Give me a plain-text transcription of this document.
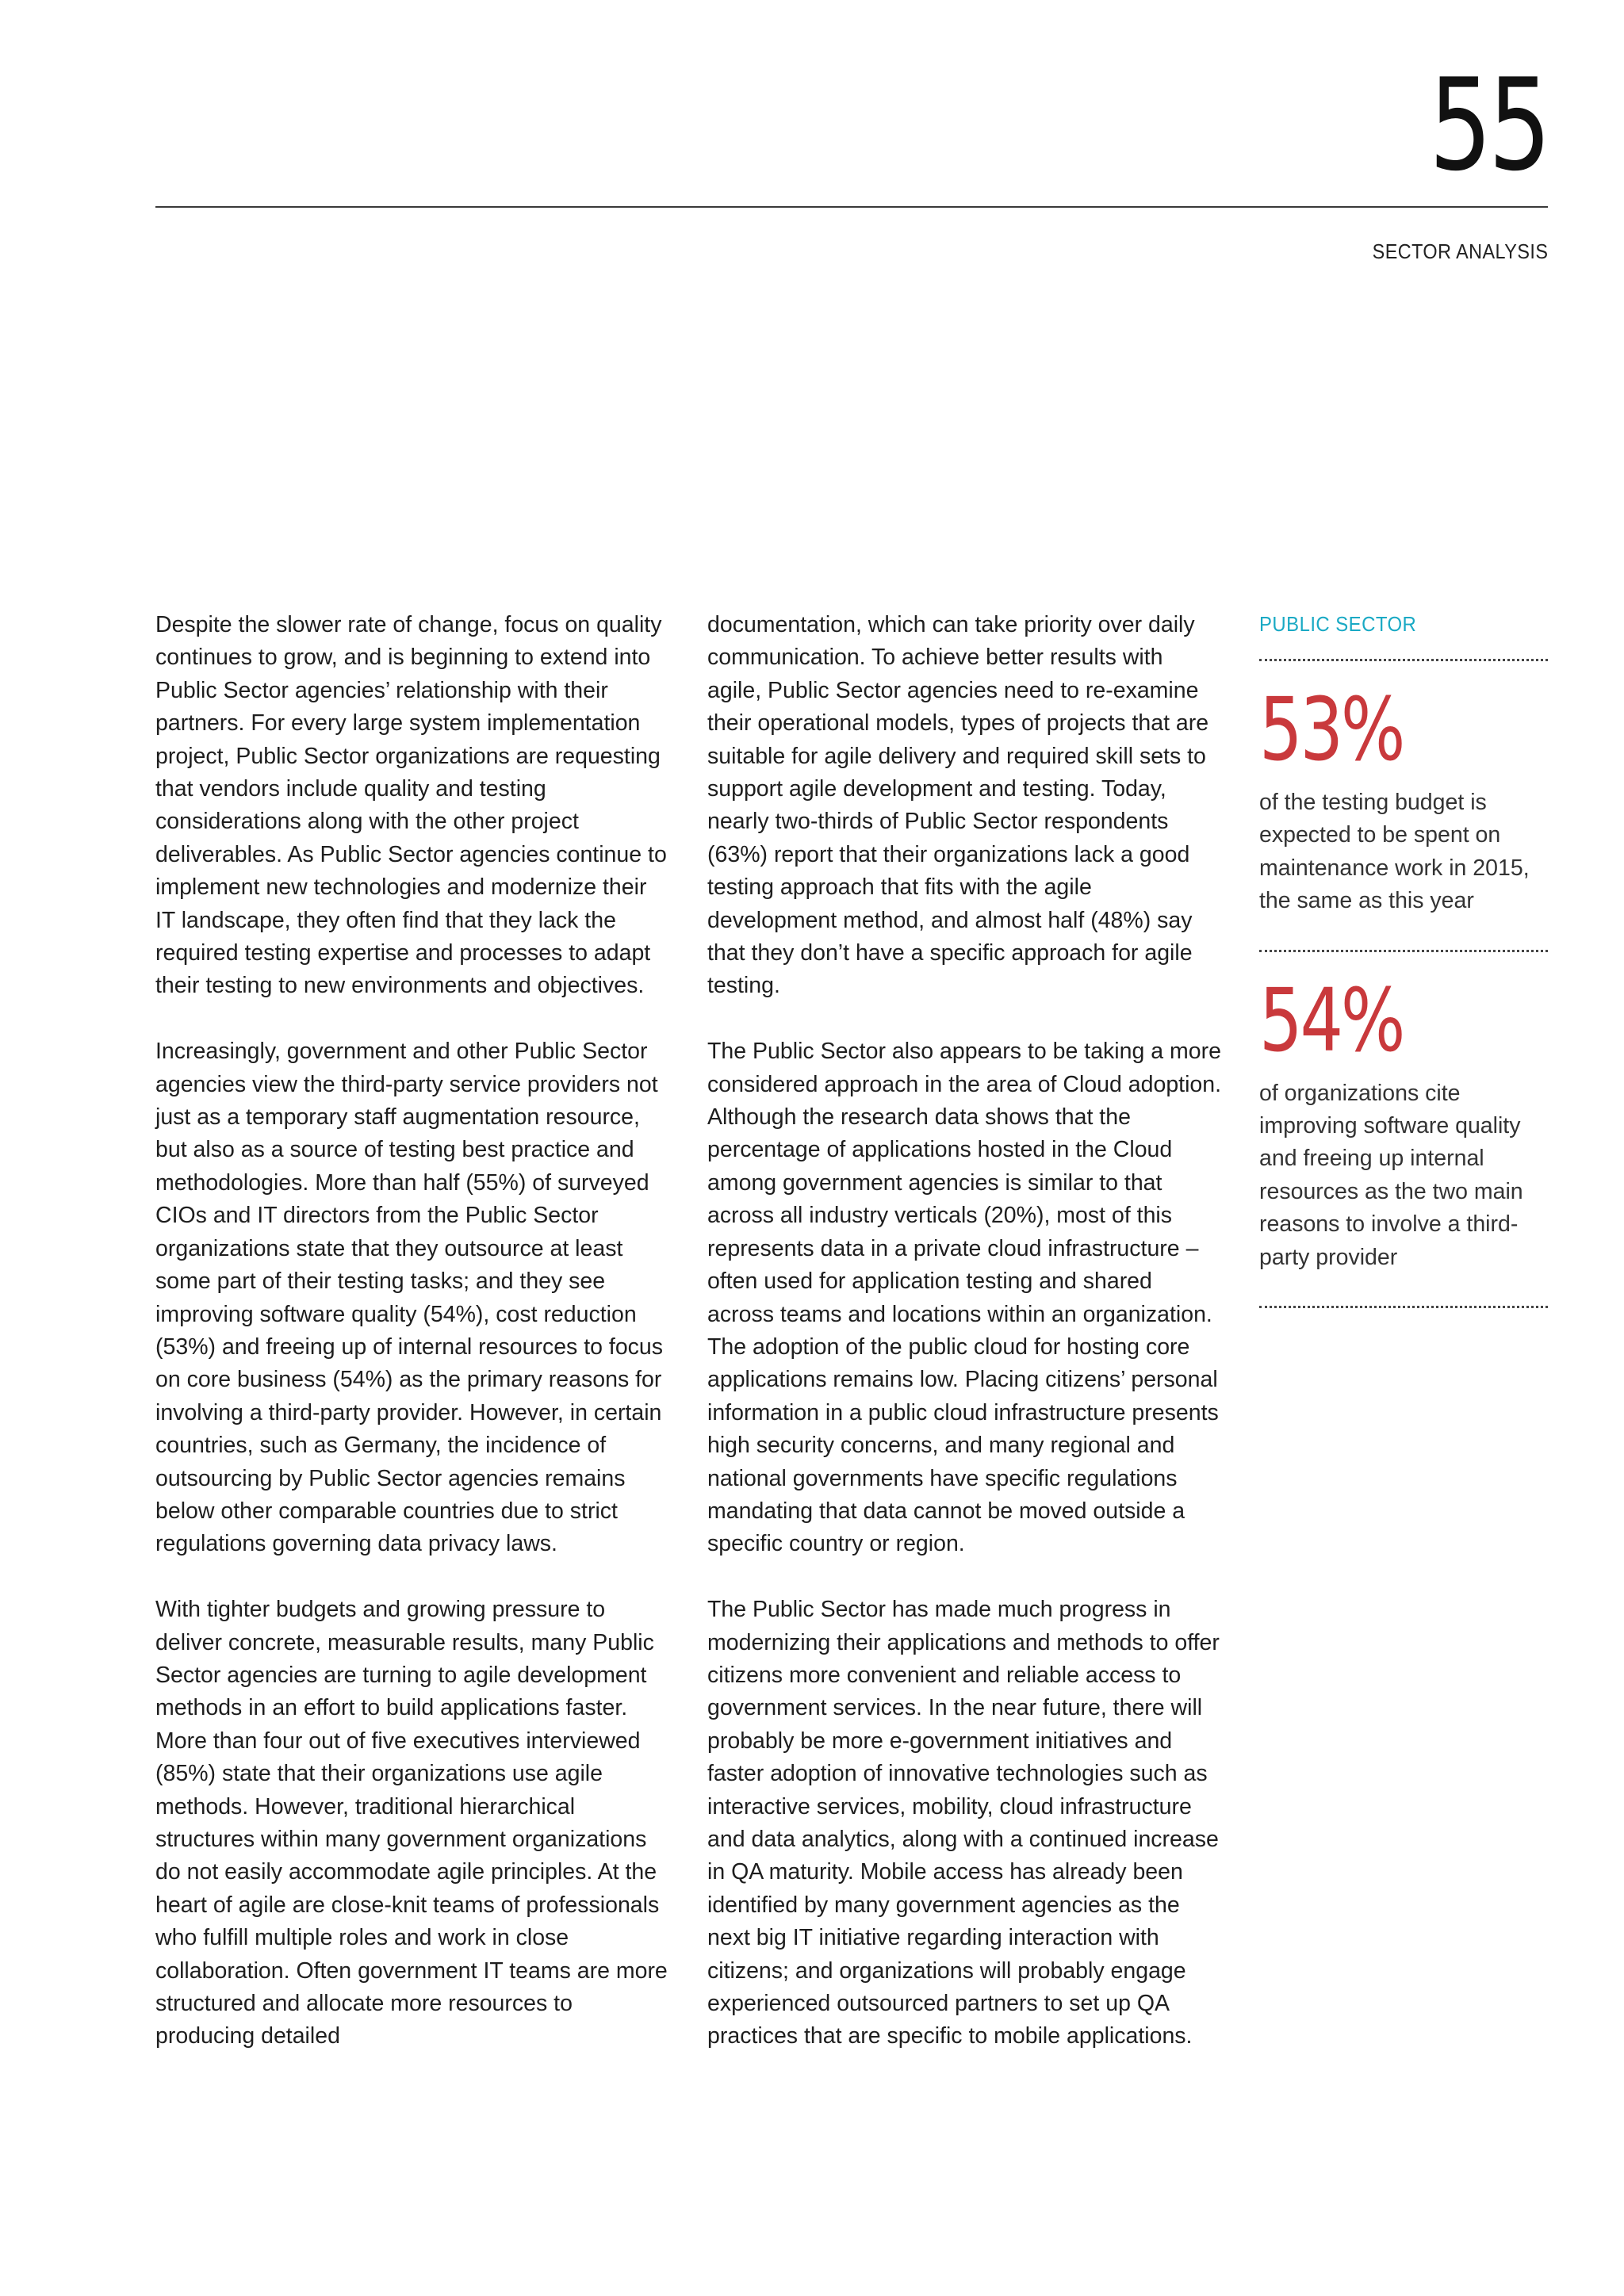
55
SECTOR ANALYSIS

Despite the slower rate of change, focus on quality continues to grow, and is beginning to extend into Public Sector agencies’ relationship with their partners. For every large system implementation project, Public Sector organizations are requesting that vendors include quality and testing considerations along with the other project deliverables. As Public Sector agencies continue to implement new technologies and modernize their IT landscape, they often find that they lack the required testing expertise and processes to adapt their testing to new environments and objectives.

Increasingly, government and other Public Sector agencies view the third-party service providers not just as a temporary staff augmentation resource, but also as a source of testing best practice and methodologies. More than half (55%) of surveyed CIOs and IT directors from the Public Sector organizations state that they outsource at least some part of their testing tasks; and they see improving software quality (54%), cost reduction (53%) and freeing up of internal resources to focus on core business (54%) as the primary reasons for involving a third-party provider. However, in certain countries, such as Germany, the incidence of outsourcing by Public Sector agencies remains below other comparable countries due to strict regulations governing data privacy laws.

With tighter budgets and growing pressure to deliver concrete, measurable results, many Public Sector agencies are turning to agile development methods in an effort to build applications faster. More than four out of five executives interviewed (85%) state that their organizations use agile methods. However, traditional hierarchical structures within many government organizations do not easily accommodate agile principles. At the heart of agile are close-knit teams of professionals who fulfill multiple roles and work in close collaboration. Often government IT teams are more structured and allocate more resources to producing detailed

documentation, which can take priority over daily communication. To achieve better results with agile, Public Sector agencies need to re-examine their operational models, types of projects that are suitable for agile delivery and required skill sets to support agile development and testing. Today, nearly two-thirds of Public Sector respondents (63%) report that their organizations lack a good testing approach that fits with the agile development method, and almost half (48%) say that they don’t have a specific approach for agile testing.

The Public Sector also appears to be taking a more considered approach in the area of Cloud adoption. Although the research data shows that the percentage of applications hosted in the Cloud among government agencies is similar to that across all industry verticals (20%), most of this represents data in a private cloud infrastructure – often used for application testing and shared across teams and locations within an organization. The adoption of the public cloud for hosting core applications remains low. Placing citizens’ personal information in a public cloud infrastructure presents high security concerns, and many regional and national governments have specific regulations mandating that data cannot be moved outside a specific country or region.

The Public Sector has made much progress in modernizing their applications and methods to offer citizens more convenient and reliable access to government services. In the near future, there will probably be more e-government initiatives and faster adoption of innovative technologies such as interactive services, mobility, cloud infrastructure and data analytics, along with a continued increase in QA maturity. Mobile access has already been identified by many government agencies as the next big IT initiative regarding interaction with citizens; and organizations will probably engage experienced outsourced partners to set up QA practices that are specific to mobile applications.

PUBLIC SECTOR
53%
of the testing budget is expected to be spent on maintenance work in 2015, the same as this year
54%
of organizations cite improving software quality and freeing up internal resources as the two main reasons to involve a third-party provider
